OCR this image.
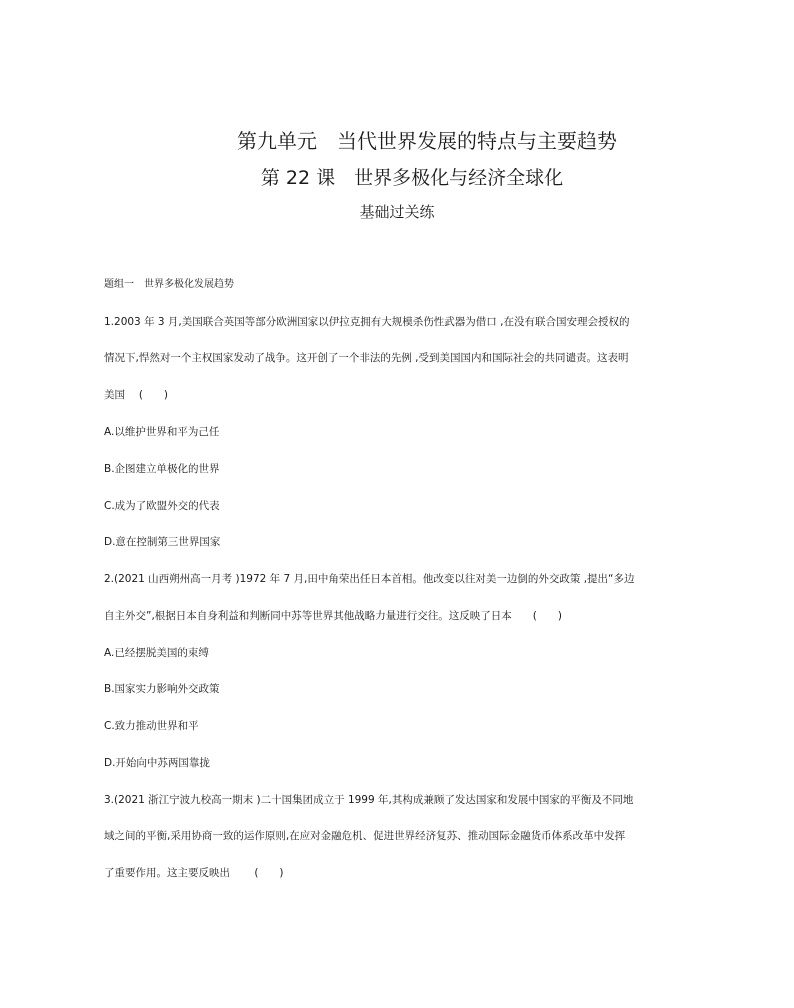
第九单元　当代世界发展的特点与主要趋势
第 22 课　世界多极化与经济全球化
基础过关练
题组一　世界多极化发展趋势
1.2003 年 3 月,美国联合英国等部分欧洲国家以伊拉克拥有大规模杀伤性武器为借口 ,在没有联合国安理会授权的
情况下,悍然对一个主权国家发动了战争。这开创了一个非法的先例 ,受到美国国内和国际社会的共同谴责。这表明
美国　 (　　)
A.以维护世界和平为己任
B.企图建立单极化的世界
C.成为了欧盟外交的代表
D.意在控制第三世界国家
2.(2021 山西朔州高一月考 )1972 年 7 月,田中角荣出任日本首相。他改变以往对美一边倒的外交政策 ,提出“多边
自主外交”,根据日本自身利益和判断同中苏等世界其他战略力量进行交往。这反映了日本　　(　　)
A.已经摆脱美国的束缚
B.国家实力影响外交政策
C.致力推动世界和平
D.开始向中苏两国靠拢
3.(2021 浙江宁波九校高一期末 )二十国集团成立于 1999 年,其构成兼顾了发达国家和发展中国家的平衡及不同地
域之间的平衡,采用协商一致的运作原则,在应对金融危机、促进世界经济复苏、推动国际金融货币体系改革中发挥
了重要作用。这主要反映出　　 (　　)
